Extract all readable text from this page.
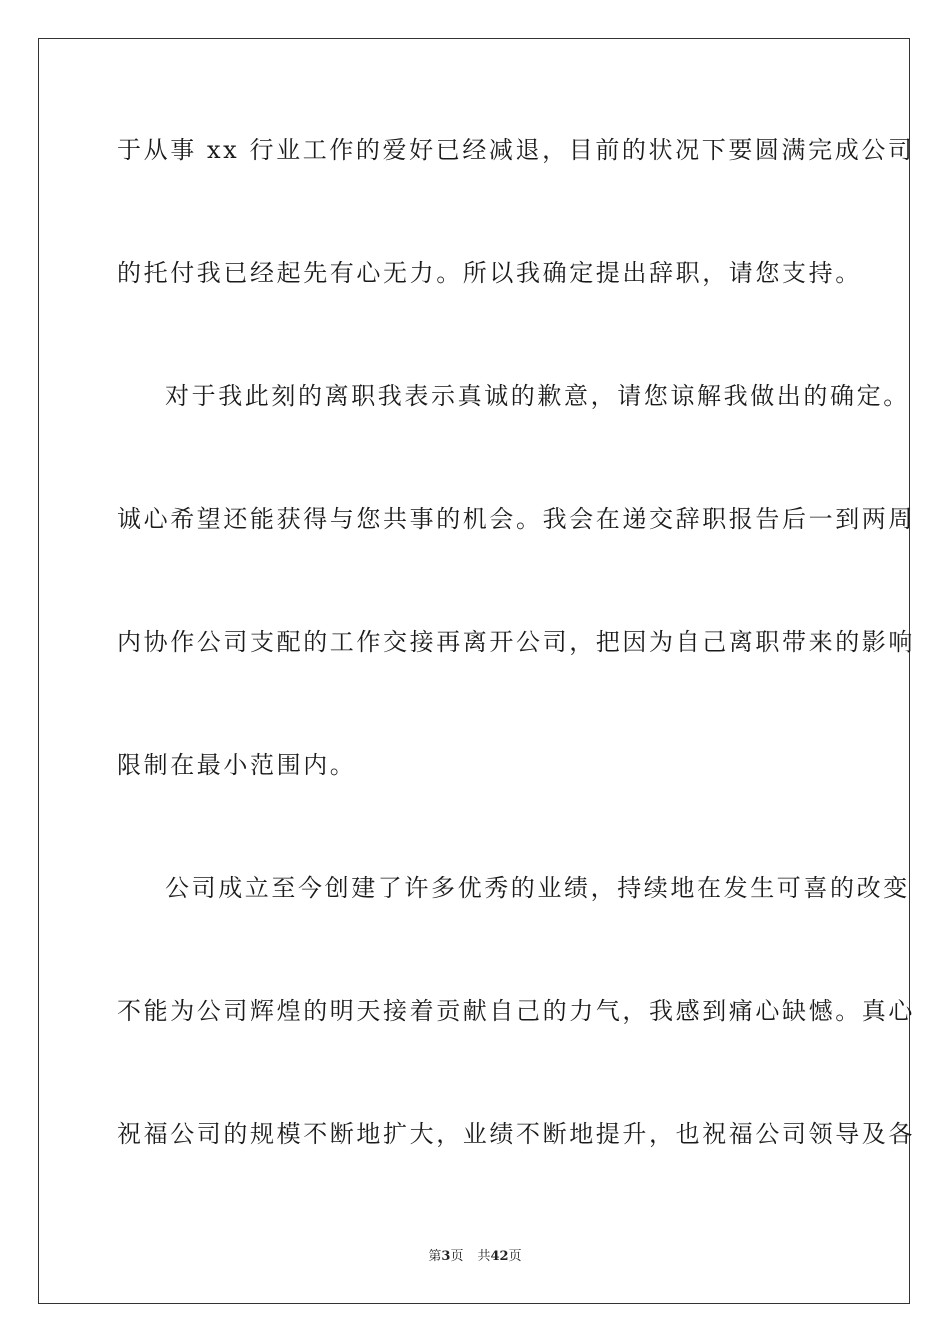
于从事 xx 行业工作的爱好已经减退，目前的状况下要圆满完成公司
的托付我已经起先有心无力。所以我确定提出辞职，请您支持。
对于我此刻的离职我表示真诚的歉意，请您谅解我做出的确定。
诚心希望还能获得与您共事的机会。我会在递交辞职报告后一到两周
内协作公司支配的工作交接再离开公司，把因为自己离职带来的影响
限制在最小范围内。
公司成立至今创建了许多优秀的业绩，持续地在发生可喜的改变
不能为公司辉煌的明天接着贡献自己的力气，我感到痛心缺憾。真心
祝福公司的规模不断地扩大，业绩不断地提升，也祝福公司领导及各
第3页 共42页
